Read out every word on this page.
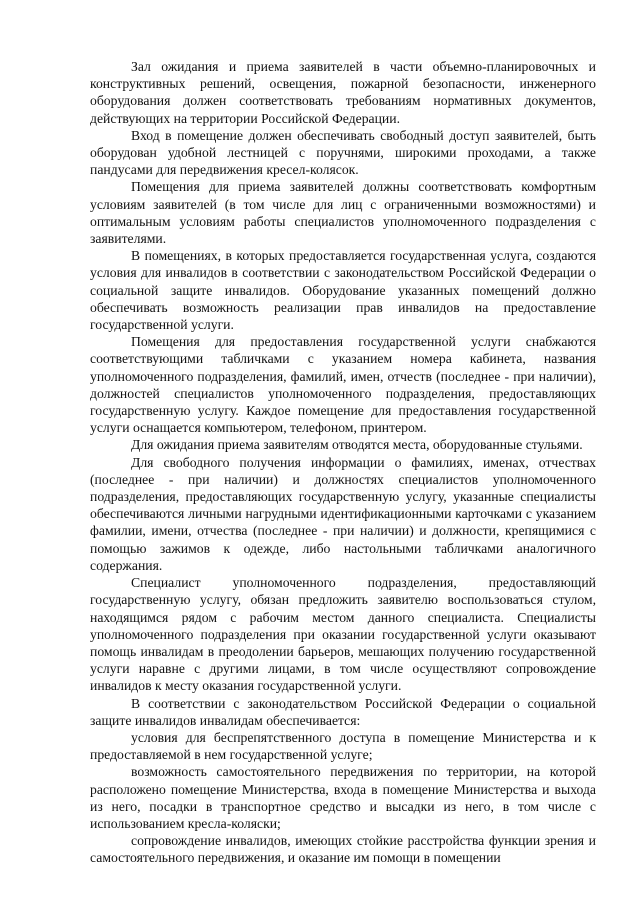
Зал ожидания и приема заявителей в части объемно-планировочных и конструктивных решений, освещения, пожарной безопасности, инженерного оборудования должен соответствовать требованиям нормативных документов, действующих на территории Российской Федерации.

Вход в помещение должен обеспечивать свободный доступ заявителей, быть оборудован удобной лестницей с поручнями, широкими проходами, а также пандусами для передвижения кресел-колясок.

Помещения для приема заявителей должны соответствовать комфортным условиям заявителей (в том числе для лиц с ограниченными возможностями) и оптимальным условиям работы специалистов уполномоченного подразделения с заявителями.

В помещениях, в которых предоставляется государственная услуга, создаются условия для инвалидов в соответствии с законодательством Российской Федерации о социальной защите инвалидов. Оборудование указанных помещений должно обеспечивать возможность реализации прав инвалидов на предоставление государственной услуги.

Помещения для предоставления государственной услуги снабжаются соответствующими табличками с указанием номера кабинета, названия уполномоченного подразделения, фамилий, имен, отчеств (последнее - при наличии), должностей специалистов уполномоченного подразделения, предоставляющих государственную услугу. Каждое помещение для предоставления государственной услуги оснащается компьютером, телефоном, принтером.

Для ожидания приема заявителям отводятся места, оборудованные стульями.

Для свободного получения информации о фамилиях, именах, отчествах (последнее - при наличии) и должностях специалистов уполномоченного подразделения, предоставляющих государственную услугу, указанные специалисты обеспечиваются личными нагрудными идентификационными карточками с указанием фамилии, имени, отчества (последнее - при наличии) и должности, крепящимися с помощью зажимов к одежде, либо настольными табличками аналогичного содержания.

Специалист уполномоченного подразделения, предоставляющий государственную услугу, обязан предложить заявителю воспользоваться стулом, находящимся рядом с рабочим местом данного специалиста. Специалисты уполномоченного подразделения при оказании государственной услуги оказывают помощь инвалидам в преодолении барьеров, мешающих получению государственной услуги наравне с другими лицами, в том числе осуществляют сопровождение инвалидов к месту оказания государственной услуги.

В соответствии с законодательством Российской Федерации о социальной защите инвалидов инвалидам обеспечивается:

условия для беспрепятственного доступа в помещение Министерства и к предоставляемой в нем государственной услуге;

возможность самостоятельного передвижения по территории, на которой расположено помещение Министерства, входа в помещение Министерства и выхода из него, посадки в транспортное средство и высадки из него, в том числе с использованием кресла-коляски;

сопровождение инвалидов, имеющих стойкие расстройства функции зрения и самостоятельного передвижения, и оказание им помощи в помещении
